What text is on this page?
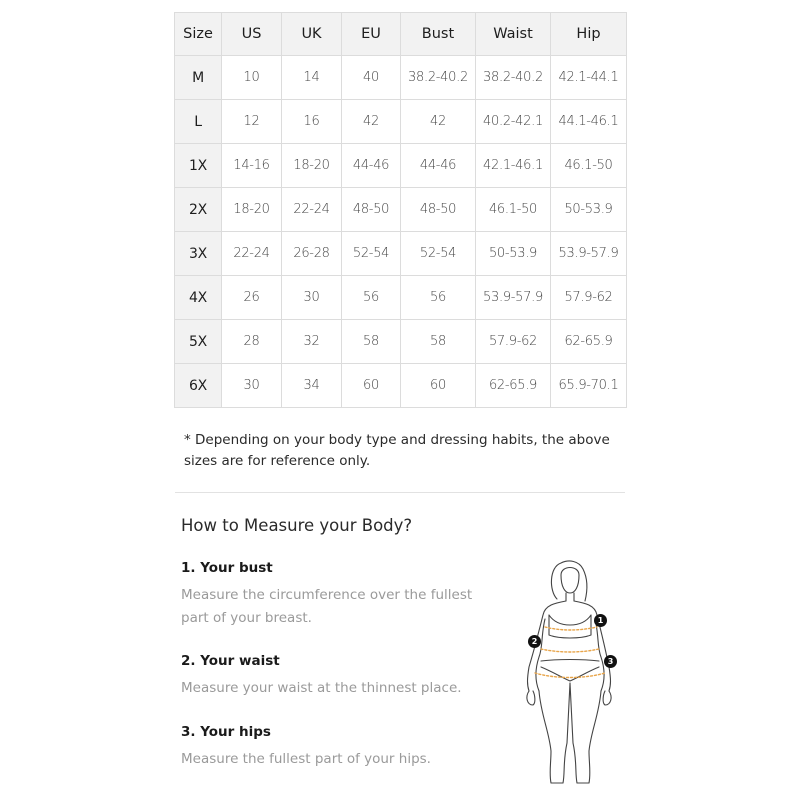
Size	US	UK	EU	Bust	Waist	Hip
M	10	14	40	38.2-40.2	38.2-40.2	42.1-44.1
L	12	16	42	42	40.2-42.1	44.1-46.1
1X	14-16	18-20	44-46	44-46	42.1-46.1	46.1-50
2X	18-20	22-24	48-50	48-50	46.1-50	50-53.9
3X	22-24	26-28	52-54	52-54	50-53.9	53.9-57.9
4X	26	30	56	56	53.9-57.9	57.9-62
5X	28	32	58	58	57.9-62	62-65.9
6X	30	34	60	60	62-65.9	65.9-70.1
* Depending on your body type and dressing habits, the above sizes are for reference only.
How to Measure your Body?
1. Your bust
Measure the circumference over the fullest part of your breast.
2. Your waist
Measure your waist at the thinnest place.
3. Your hips
Measure the fullest part of your hips.
1
2
3
